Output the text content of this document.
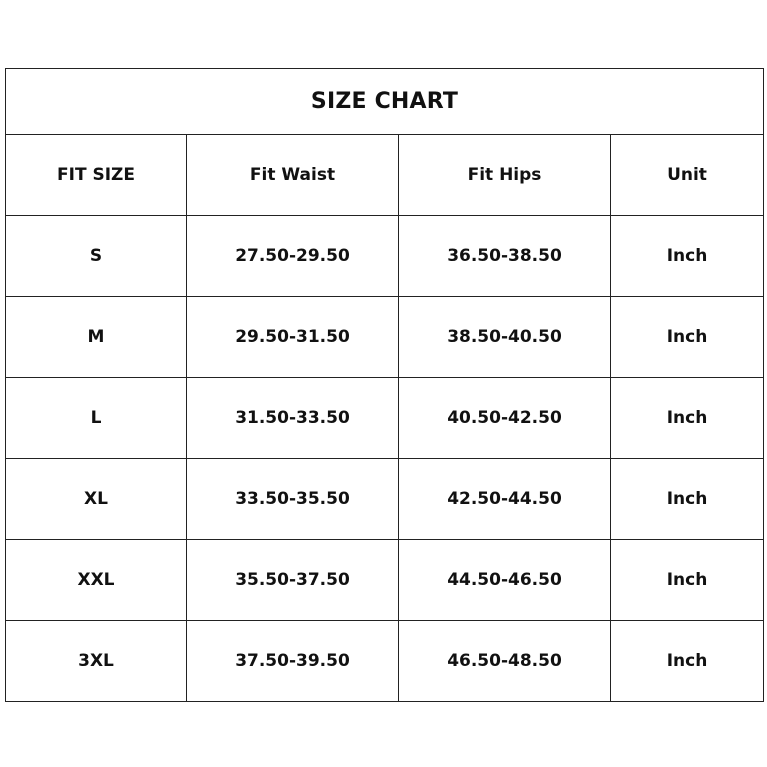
SIZE CHART			
FIT SIZE	Fit Waist	Fit Hips	Unit
S	27.50-29.50	36.50-38.50	Inch
M	29.50-31.50	38.50-40.50	Inch
L	31.50-33.50	40.50-42.50	Inch
XL	33.50-35.50	42.50-44.50	Inch
XXL	35.50-37.50	44.50-46.50	Inch
3XL	37.50-39.50	46.50-48.50	Inch
